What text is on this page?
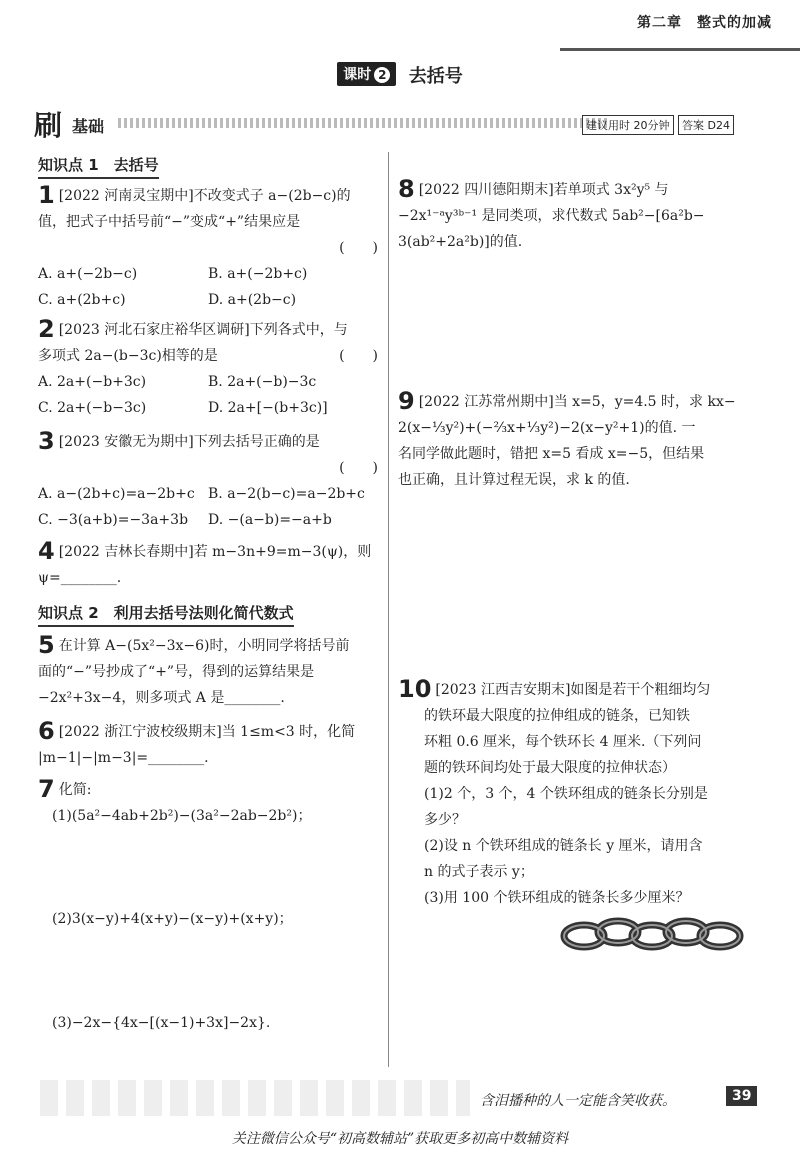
第二章　整式的加减
课时 2 去括号
刷 基础	建议用时 20分钟	答案 D24
知识点 1　去括号
1 [2022 河南灵宝期中]不改变式子 a−(2b−c)的
值，把式子中括号前“−”变成“+”结果应是
(　　)
A. a+(−2b−c)	B. a+(−2b+c)
C. a+(2b+c)	D. a+(2b−c)
2 [2023 河北石家庄裕华区调研]下列各式中，与
多项式 2a−(b−3c)相等的是	(　　)
A. 2a+(−b+3c)	B. 2a+(−b)−3c
C. 2a+(−b−3c)	D. 2a+[−(b+3c)]
3 [2023 安徽无为期中]下列去括号正确的是
(　　)
A. a−(2b+c)=a−2b+c B. a−2(b−c)=a−2b+c
C. −3(a+b)=−3a+3b D. −(a−b)=−a+b
4 [2022 吉林长春期中]若 m−3n+9=m−3(ψ)，则
ψ=________.
知识点 2　利用去括号法则化简代数式
5 在计算 A−(5x²−3x−6)时，小明同学将括号前
面的“−”号抄成了“+”号，得到的运算结果是
−2x²+3x−4，则多项式 A 是________.
6 [2022 浙江宁波校级期末]当 1≤m<3 时，化简
|m−1|−|m−3|=________.
7 化简:
(1)(5a²−4ab+2b²)−(3a²−2ab−2b²)；
(2)3(x−y)+4(x+y)−(x−y)+(x+y)；
(3)−2x−{4x−[(x−1)+3x]−2x}.
8 [2022 四川德阳期末]若单项式 3x²y⁵ 与
−2x¹⁻ᵃy³ᵇ⁻¹ 是同类项，求代数式 5ab²−[6a²b−
3(ab²+2a²b)]的值.
9 [2022 江苏常州期中]当 x=5，y=4.5 时，求 kx−
2(x−⅓y²)+(−⅔x+⅓y²)−2(x−y²+1)的值. 一
名同学做此题时，错把 x=5 看成 x=−5，但结果
也正确，且计算过程无误，求 k 的值.
10 [2023 江西吉安期末]如图是若干个粗细均匀
的铁环最大限度的拉伸组成的链条，已知铁
环粗 0.6 厘米，每个铁环长 4 厘米.（下列问
题的铁环间均处于最大限度的拉伸状态）
(1)2 个，3 个，4 个铁环组成的链条长分别是
多少？
(2)设 n 个铁环组成的链条长 y 厘米，请用含
n 的式子表示 y；
(3)用 100 个铁环组成的链条长多少厘米？
含泪播种的人一定能含笑收获。	39
关注微信公众号“初高数辅站”获取更多初高中数辅资料
